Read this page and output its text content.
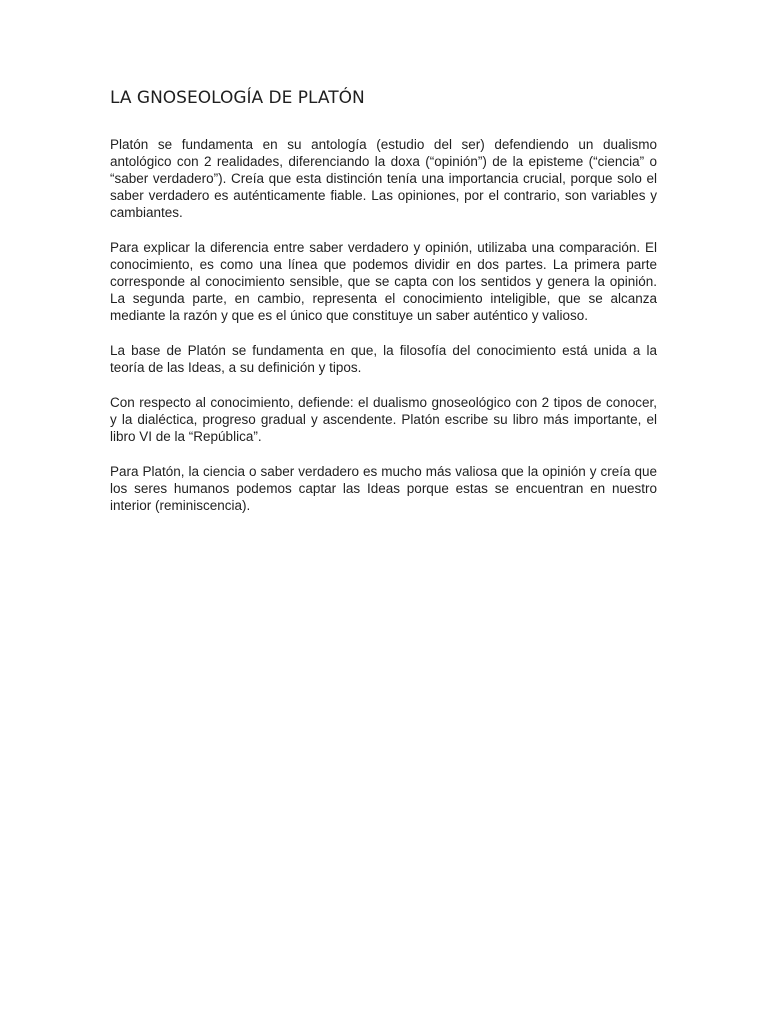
LA GNOSEOLOGÍA DE PLATÓN

Platón se fundamenta en su antología (estudio del ser) defendiendo un dualismo antológico con 2 realidades, diferenciando la doxa (“opinión”) de la episteme (“ciencia” o “saber verdadero”). Creía que esta distinción tenía una importancia crucial, porque solo el saber verdadero es auténticamente fiable. Las opiniones, por el contrario, son variables y cambiantes.

Para explicar la diferencia entre saber verdadero y opinión, utilizaba una comparación. El conocimiento, es como una línea que podemos dividir en dos partes. La primera parte corresponde al conocimiento sensible, que se capta con los sentidos y genera la opinión. La segunda parte, en cambio, representa el conocimiento inteligible, que se alcanza mediante la razón y que es el único que constituye un saber auténtico y valioso.

La base de Platón se fundamenta en que, la filosofía del conocimiento está unida a la teoría de las Ideas, a su definición y tipos.

Con respecto al conocimiento, defiende: el dualismo gnoseológico con 2 tipos de conocer, y la dialéctica, progreso gradual y ascendente. Platón escribe su libro más importante, el libro VI de la “República”.

Para Platón, la ciencia o saber verdadero es mucho más valiosa que la opinión y creía que los seres humanos podemos captar las Ideas porque estas se encuentran en nuestro interior (reminiscencia).
